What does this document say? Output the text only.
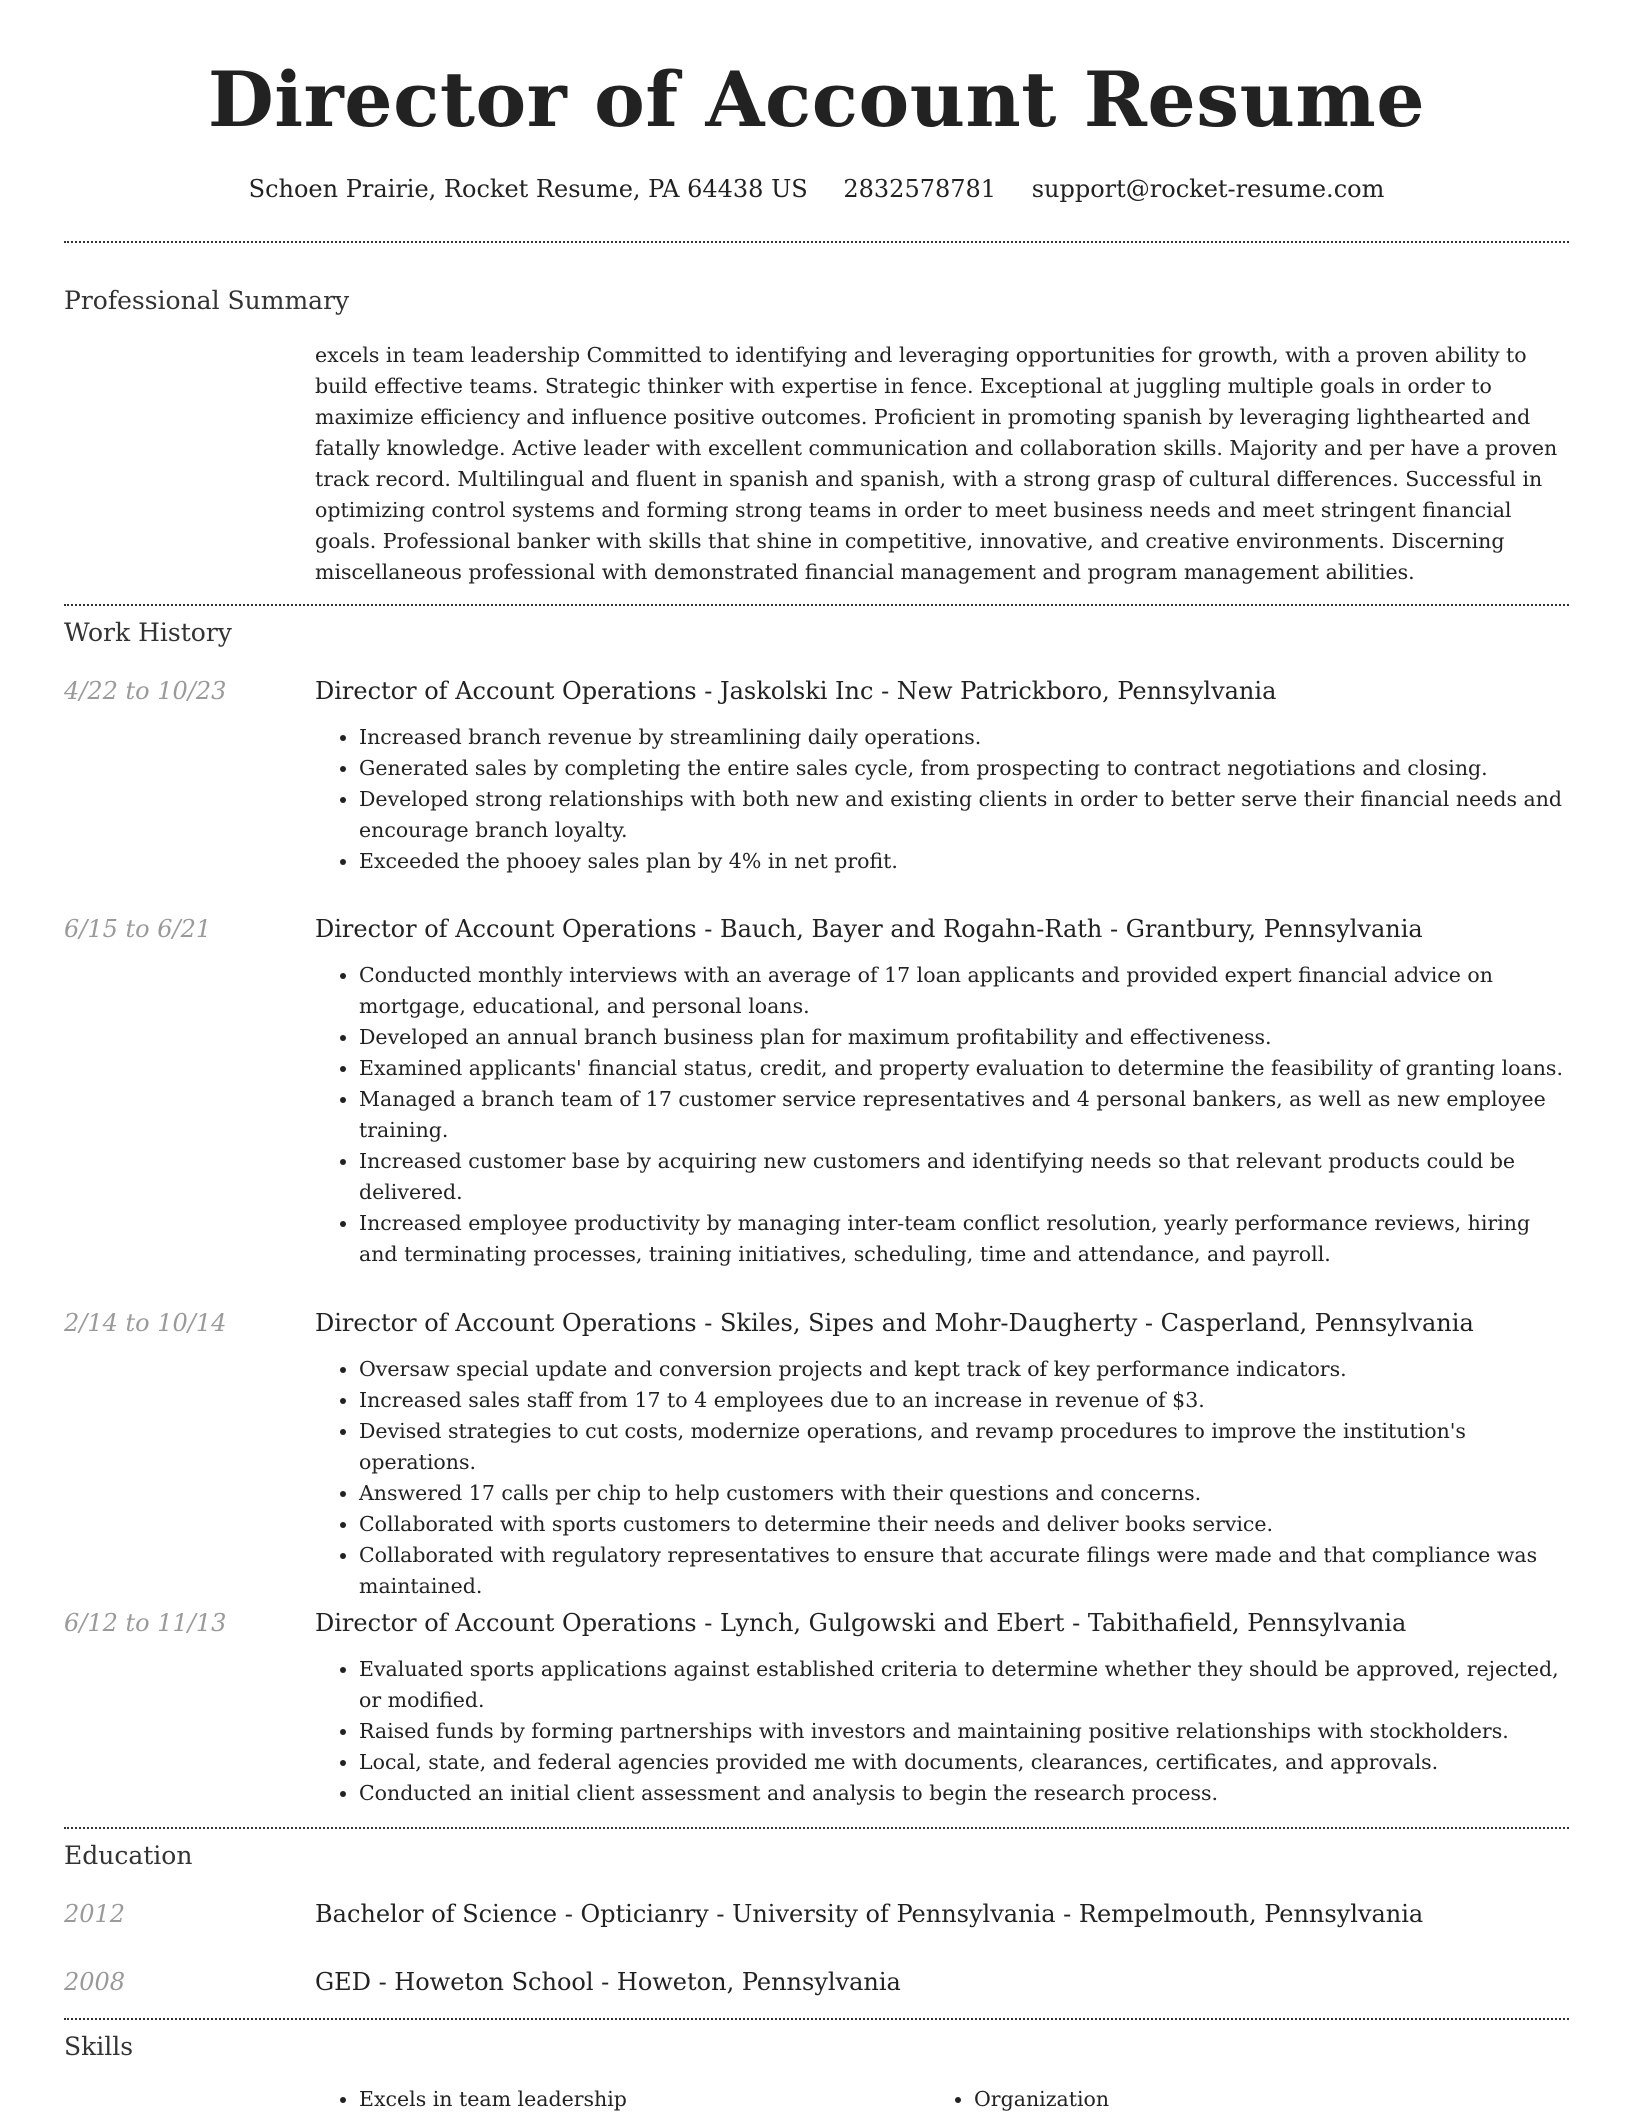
Director of Account Resume
Schoen Prairie, Rocket Resume, PA 64438 US 2832578781 support@rocket-resume.com
Professional Summary

excels in team leadership Committed to identifying and leveraging opportunities for growth, with a proven ability to build effective teams. Strategic thinker with expertise in fence. Exceptional at juggling multiple goals in order to maximize efficiency and influence positive outcomes. Proficient in promoting spanish by leveraging lighthearted and fatally knowledge. Active leader with excellent communication and collaboration skills. Majority and per have a proven track record. Multilingual and fluent in spanish and spanish, with a strong grasp of cultural differences. Successful in optimizing control systems and forming strong teams in order to meet business needs and meet stringent financial goals. Professional banker with skills that shine in competitive, innovative, and creative environments. Discerning miscellaneous professional with demonstrated financial management and program management abilities.

Work History
4/22 to 10/23	Director of Account Operations - Jaskolski Inc - New Patrickboro, Pennsylvania
• Increased branch revenue by streamlining daily operations.
• Generated sales by completing the entire sales cycle, from prospecting to contract negotiations and closing.
• Developed strong relationships with both new and existing clients in order to better serve their financial needs and encourage branch loyalty.
• Exceeded the phooey sales plan by 4% in net profit.
6/15 to 6/21	Director of Account Operations - Bauch, Bayer and Rogahn-Rath - Grantbury, Pennsylvania
• Conducted monthly interviews with an average of 17 loan applicants and provided expert financial advice on mortgage, educational, and personal loans.
• Developed an annual branch business plan for maximum profitability and effectiveness.
• Examined applicants' financial status, credit, and property evaluation to determine the feasibility of granting loans.
• Managed a branch team of 17 customer service representatives and 4 personal bankers, as well as new employee training.
• Increased customer base by acquiring new customers and identifying needs so that relevant products could be delivered.
• Increased employee productivity by managing inter-team conflict resolution, yearly performance reviews, hiring and terminating processes, training initiatives, scheduling, time and attendance, and payroll.
2/14 to 10/14	Director of Account Operations - Skiles, Sipes and Mohr-Daugherty - Casperland, Pennsylvania
• Oversaw special update and conversion projects and kept track of key performance indicators.
• Increased sales staff from 17 to 4 employees due to an increase in revenue of $3.
• Devised strategies to cut costs, modernize operations, and revamp procedures to improve the institution's operations.
• Answered 17 calls per chip to help customers with their questions and concerns.
• Collaborated with sports customers to determine their needs and deliver books service.
• Collaborated with regulatory representatives to ensure that accurate filings were made and that compliance was maintained.
6/12 to 11/13	Director of Account Operations - Lynch, Gulgowski and Ebert - Tabithafield, Pennsylvania
• Evaluated sports applications against established criteria to determine whether they should be approved, rejected, or modified.
• Raised funds by forming partnerships with investors and maintaining positive relationships with stockholders.
• Local, state, and federal agencies provided me with documents, clearances, certificates, and approvals.
• Conducted an initial client assessment and analysis to begin the research process.
Education
2012	Bachelor of Science - Opticianry - University of Pennsylvania - Rempelmouth, Pennsylvania
2008	GED - Howeton School - Howeton, Pennsylvania
Skills
• Excels in team leadership
•	Organization
